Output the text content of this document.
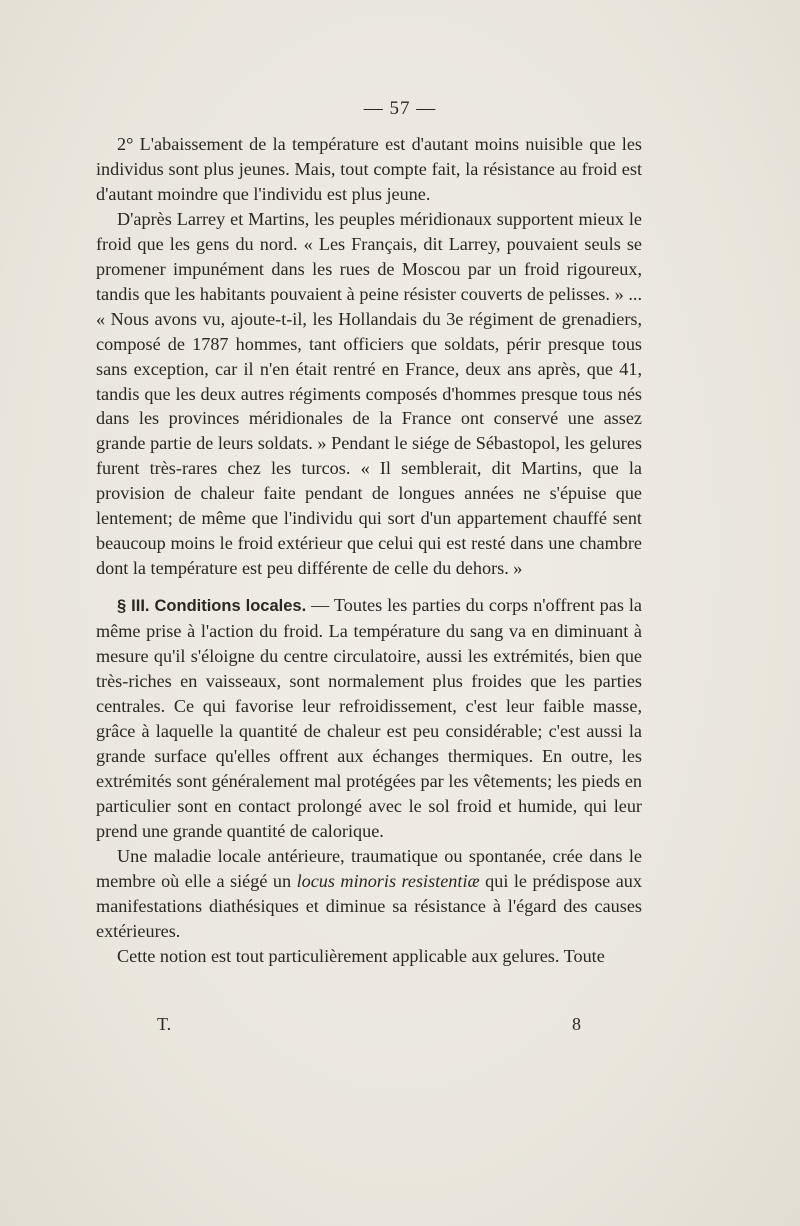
— 57 —

2° L'abaissement de la température est d'autant moins nuisible que les individus sont plus jeunes. Mais, tout compte fait, la résistance au froid est d'autant moindre que l'individu est plus jeune.

D'après Larrey et Martins, les peuples méridionaux supportent mieux le froid que les gens du nord. « Les Français, dit Larrey, pouvaient seuls se promener impunément dans les rues de Moscou par un froid rigoureux, tandis que les habitants pouvaient à peine résister couverts de pelisses. » ... « Nous avons vu, ajoute-t-il, les Hollandais du 3e régiment de grenadiers, composé de 1787 hommes, tant officiers que soldats, périr presque tous sans exception, car il n'en était rentré en France, deux ans après, que 41, tandis que les deux autres régiments composés d'hommes presque tous nés dans les provinces méridionales de la France ont conservé une assez grande partie de leurs soldats. » Pendant le siége de Sébastopol, les gelures furent très-rares chez les turcos. « Il semblerait, dit Martins, que la provision de chaleur faite pendant de longues années ne s'épuise que lentement; de même que l'individu qui sort d'un appartement chauffé sent beaucoup moins le froid extérieur que celui qui est resté dans une chambre dont la température est peu différente de celle du dehors. »

§ III. Conditions locales. — Toutes les parties du corps n'offrent pas la même prise à l'action du froid. La température du sang va en diminuant à mesure qu'il s'éloigne du centre circulatoire, aussi les extrémités, bien que très-riches en vaisseaux, sont normalement plus froides que les parties centrales. Ce qui favorise leur refroidissement, c'est leur faible masse, grâce à laquelle la quantité de chaleur est peu considérable; c'est aussi la grande surface qu'elles offrent aux échanges thermiques. En outre, les extrémités sont généralement mal protégées par les vêtements; les pieds en particulier sont en contact prolongé avec le sol froid et humide, qui leur prend une grande quantité de calorique.

Une maladie locale antérieure, traumatique ou spontanée, crée dans le membre où elle a siégé un locus minoris resistentiæ qui le prédispose aux manifestations diathésiques et diminue sa résistance à l'égard des causes extérieures.

Cette notion est tout particulièrement applicable aux gelures. Toute

T.	8
